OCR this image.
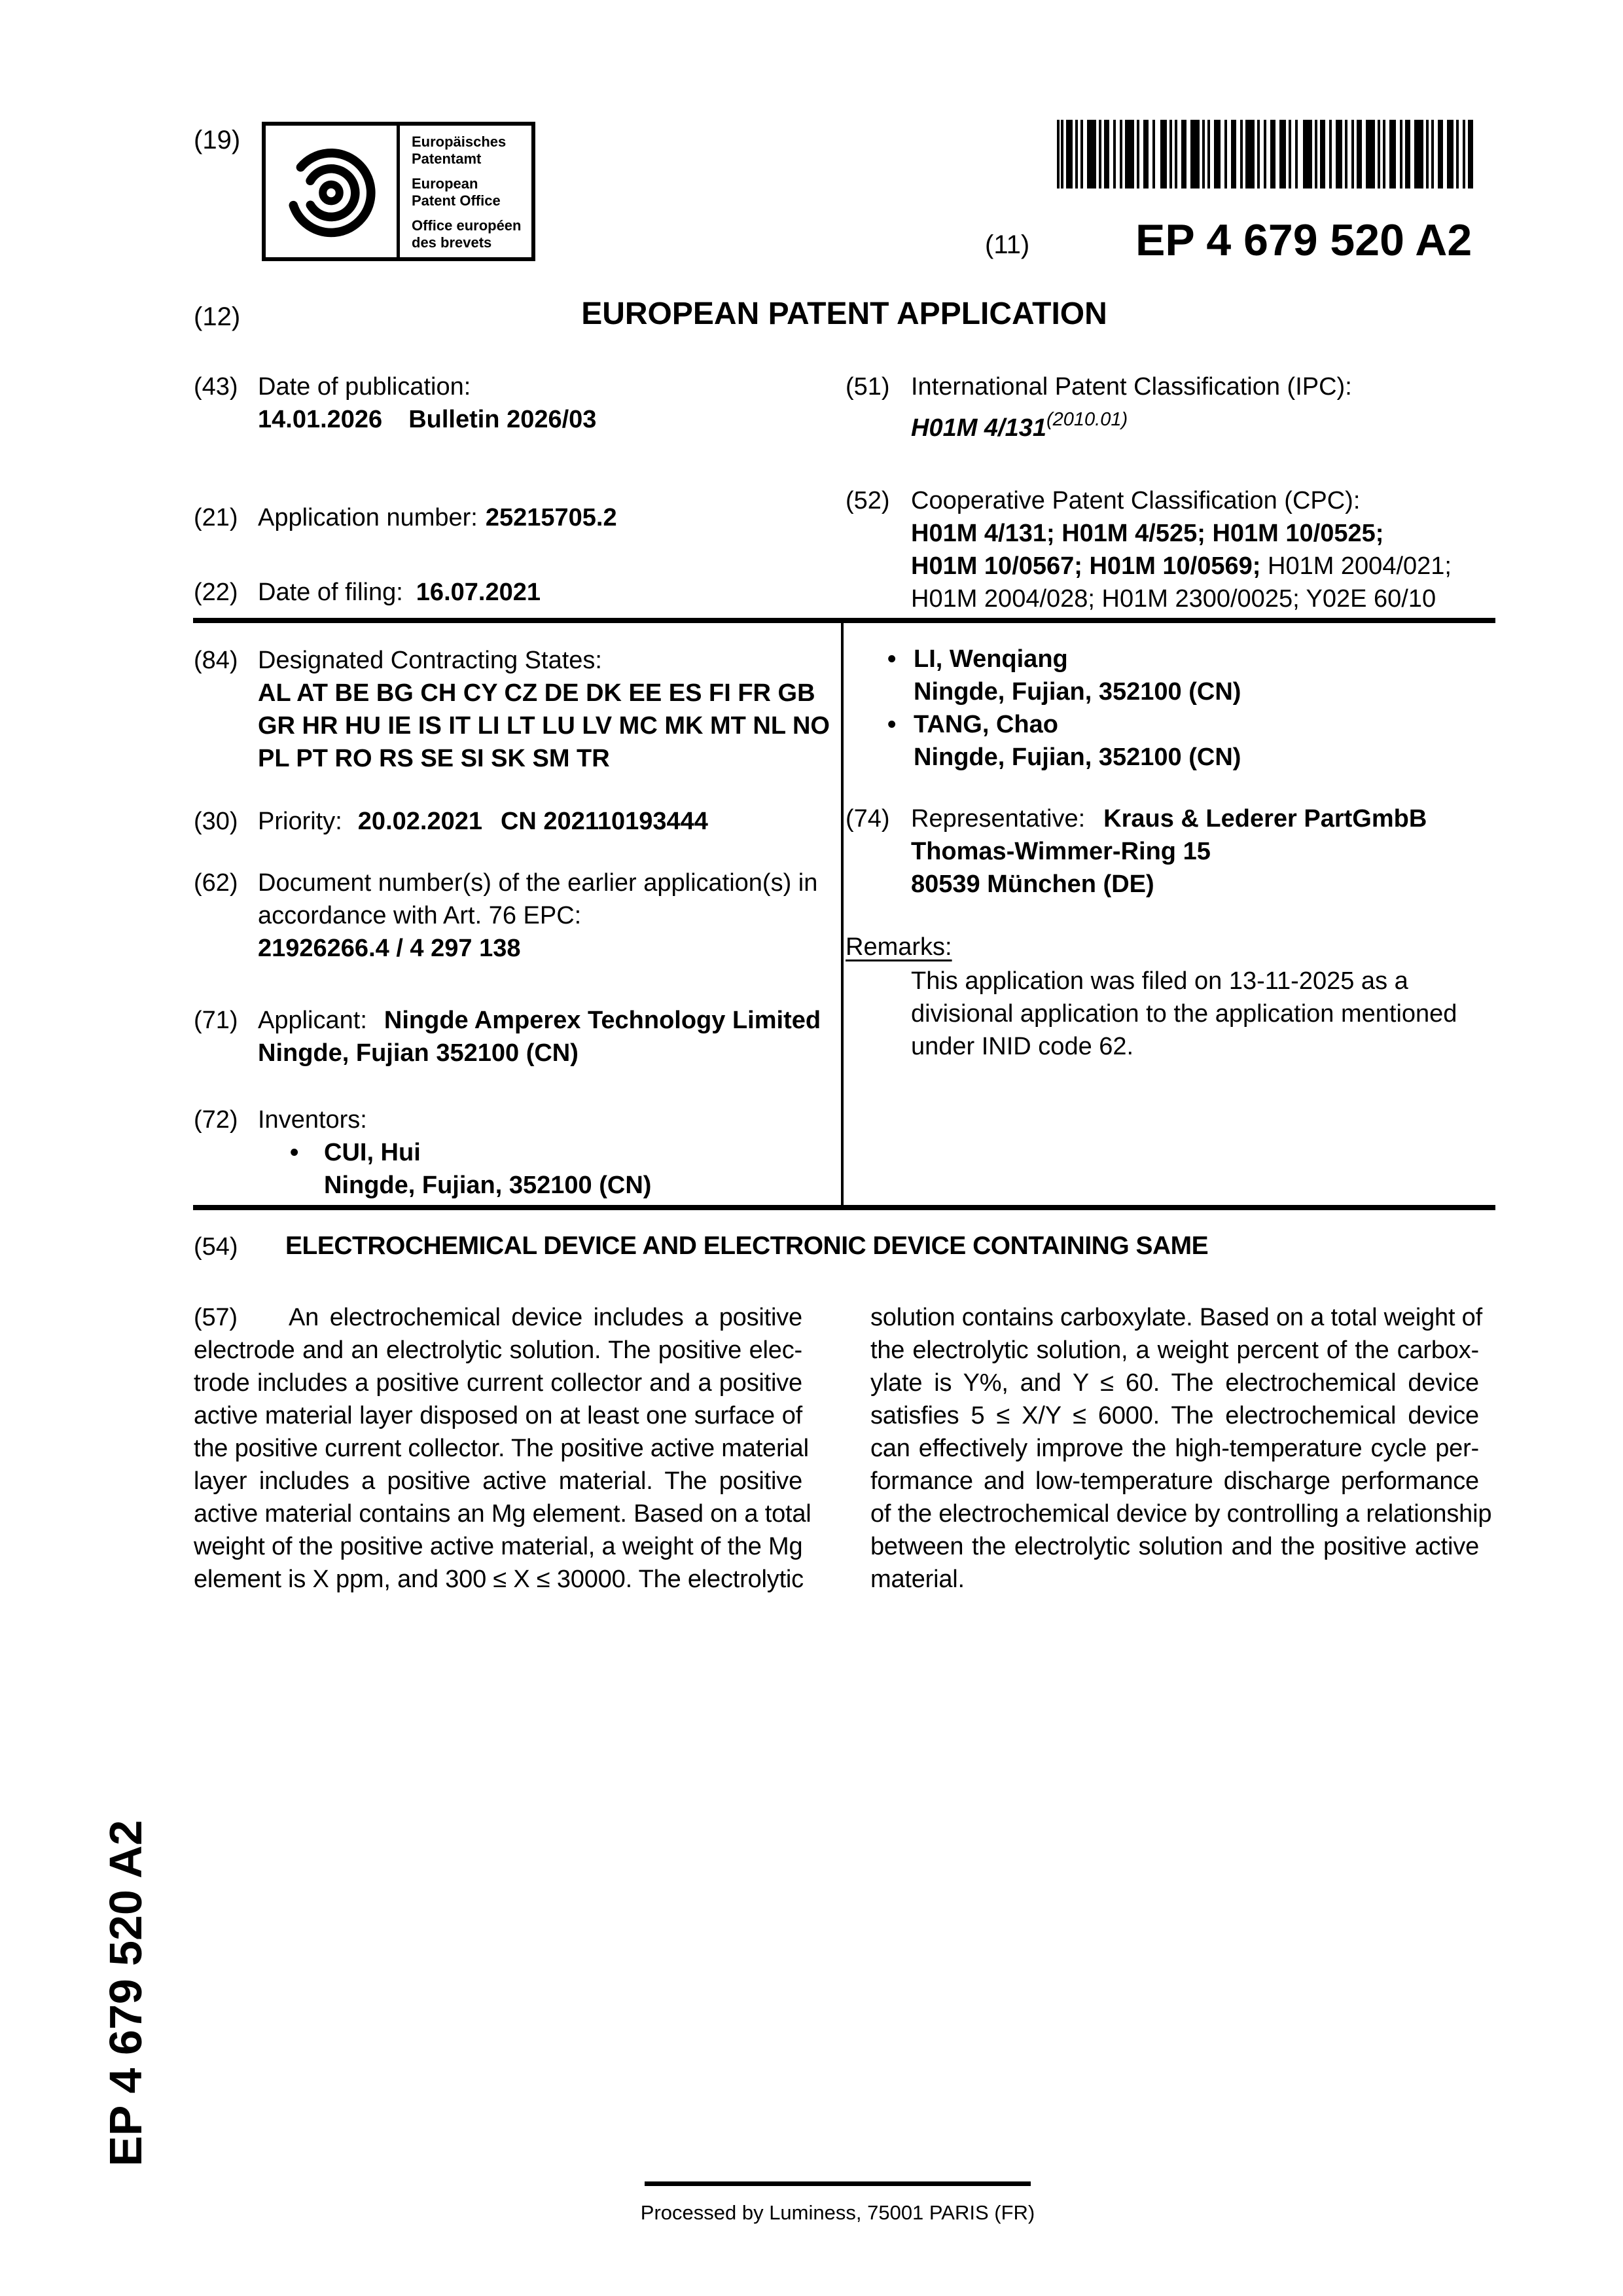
(19)	Europäisches
Patentamt
European
Patent Office
Office européen
des brevets	(11) EP 4 679 520 A2
(12)	EUROPEAN PATENT APPLICATION
(43) Date of publication:
14.01.2026 Bulletin 2026/03
(21) Application number: 25215705.2
(22) Date of filing: 16.07.2021
(84) Designated Contracting States:
AL AT BE BG CH CY CZ DE DK EE ES FI FR GB
GR HR HU IE IS IT LI LT LU LV MC MK MT NL NO
PL PT RO RS SE SI SK SM TR
(30) Priority: 20.02.2021 CN 202110193444
(62) Document number(s) of the earlier application(s) in
accordance with Art. 76 EPC:
21926266.4 / 4 297 138
(71) Applicant: Ningde Amperex Technology Limited
Ningde, Fujian 352100 (CN)
(72) Inventors:
• CUI, Hui
Ningde, Fujian, 352100 (CN)
(51) International Patent Classification (IPC):
H01M $4/131^{(2010.01)}$
(52) Cooperative Patent Classification (CPC):
H01M 4/131; H01M 4/525; H01M 10/0525;
H01M 10/0567; H01M 10/0569; H01M 2004/021;
H01M 2004/028; H01M 2300/0025; Y02E 60/10
• LI, Wenqiang
Ningde, Fujian, 352100 (CN)
• TANG, Chao
Ningde, Fujian, 352100 (CN)
(74) Representative: Kraus & Lederer PartGmbB
Thomas-Wimmer-Ring 15
80539 München (DE)
Remarks:
This application was filed on 13-11-2025 as a
divisional application to the application mentioned
under INID code 62.
(54) ELECTROCHEMICAL DEVICE AND ELECTRONIC DEVICE CONTAINING SAME
(57) An electrochemical device includes a positive
electrode and an electrolytic solution. The positive elec-
trode includes a positive current collector and a positive
active material layer disposed on at least one surface of
the positive current collector. The positive active material
layer includes a positive active material. The positive
active material contains an Mg element. Based on a total
weight of the positive active material, a weight of the Mg
element is X ppm, and 300 ≤ X ≤ 30000. The electrolytic
solution contains carboxylate. Based on a total weight of
the electrolytic solution, a weight percent of the carbox-
ylate is Y%, and Y ≤ 60. The electrochemical device
satisfies 5 ≤ X/Y ≤ 6000. The electrochemical device
can effectively improve the high-temperature cycle per-
formance and low-temperature discharge performance
of the electrochemical device by controlling a relationship
between the electrolytic solution and the positive active
material.
EP 4 679 520 A2
Processed by Luminess, 75001 PARIS (FR)
